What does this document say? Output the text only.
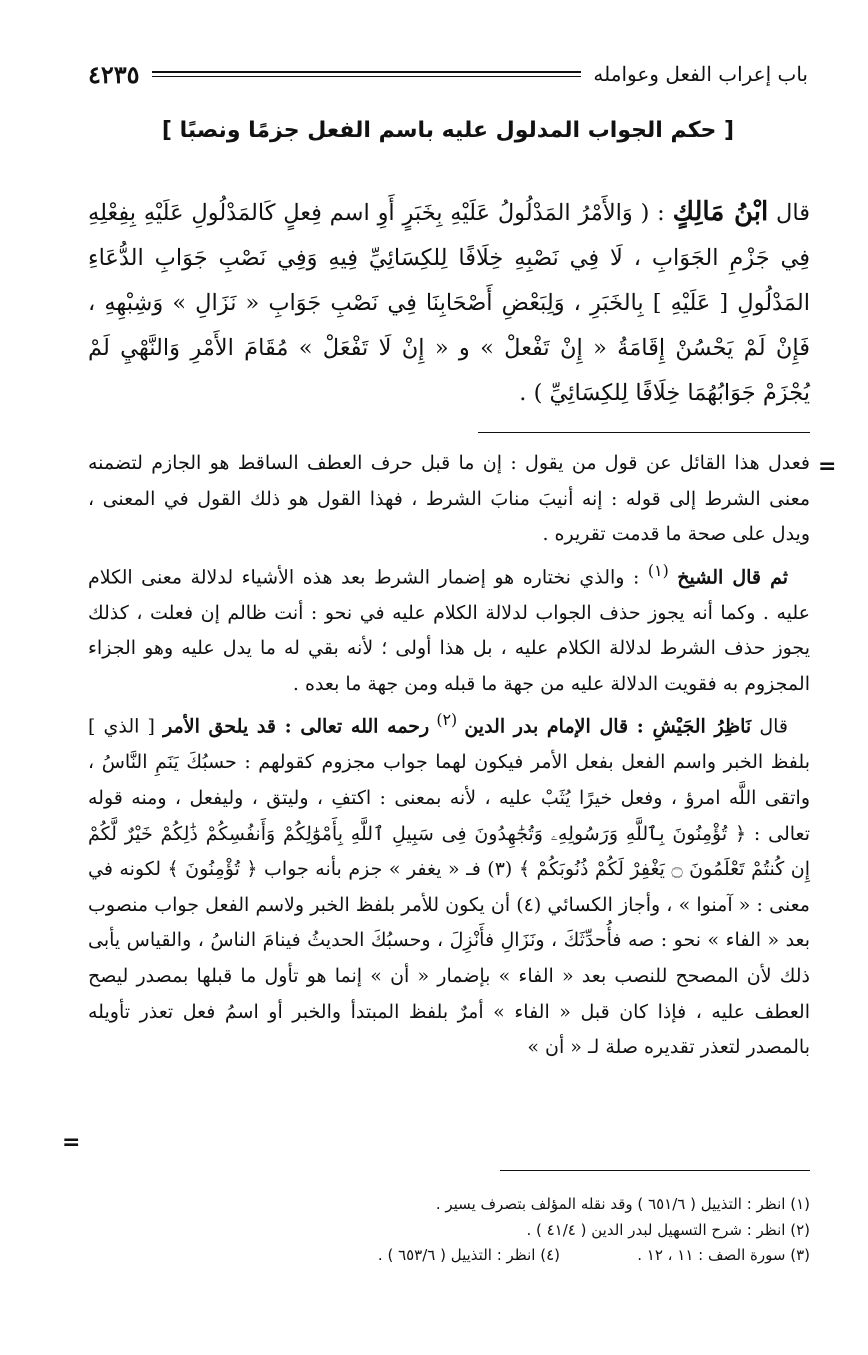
باب إعراب الفعل وعوامله
٤٢٣٥
[ حكم الجواب المدلول عليه باسم الفعل جزمًا ونصبًا ]
قال ابْنُ مَالِكٍ : ( وَالأَمْرُ المَدْلُولُ عَلَيْهِ بِخَبَرٍ أَوِ اسم فِعلٍ كَالمَدْلُولِ عَلَيْهِ بِفِعْلِهِ فِي جَزْمِ الجَوَابِ ، لَا فِي نَصْبِهِ خِلَافًا لِلكِسَائِيِّ فِيهِ وَفِي نَصْبِ جَوَابِ الدُّعَاءِ المَدْلُولِ [ عَلَيْهِ ] بِالخَبَرِ ، وَلِبَعْضِ أَصْحَابِنَا فِي نَصْبِ جَوَابِ « نَزَالِ » وَشِبْهِهِ ، فَإِنْ لَمْ يَحْسُنْ إِقَامَةُ « إِنْ تَفْعلْ » و « إِنْ لَا تَفْعَلْ » مُقَامَ الأَمْرِ وَالنَّهْيِ لَمْ يُجْزَمْ جَوَابُهُمَا خِلَافًا لِلكِسَائِيِّ ) .

فعدل هذا القائل عن قول من يقول : إن ما قبل حرف العطف الساقط هو الجازم لتضمنه معنى الشرط إلى قوله : إنه أنيبَ منابَ الشرط ، فهذا القول هو ذلك القول في المعنى ، ويدل على صحة ما قدمت تقريره .

ثم قال الشيخ $^{(١)}$ : والذي نختاره هو إضمار الشرط بعد هذه الأشياء لدلالة معنى الكلام عليه . وكما أنه يجوز حذف الجواب لدلالة الكلام عليه في نحو : أنت ظالم إن فعلت ، كذلك يجوز حذف الشرط لدلالة الكلام عليه ، بل هذا أولى ؛ لأنه بقي له ما يدل عليه وهو الجزاء المجزوم به فقويت الدلالة عليه من جهة ما قبله ومن جهة ما بعده .

قال نَاظِرُ الجَيْشِ : قال الإمام بدر الدين $^{(٢)}$ رحمه الله تعالى : قد يلحق الأمر [ الذي ] بلفظ الخبر واسم الفعل بفعل الأمر فيكون لهما جواب مجزوم كقولهم : حسبُكَ يَنَمِ النَّاسُ ، واتقى اللَّه امرؤ ، وفعل خيرًا يُثَبْ عليه ، لأنه بمعنى : اكتفِ ، وليتق ، وليفعل ، ومنه قوله تعالى : ﴿ تُؤْمِنُونَ بِٱللَّهِ وَرَسُولِهِۦ وَتُجَٰهِدُونَ فِى سَبِيلِ ٱللَّهِ بِأَمْوَٰلِكُمْ وَأَنفُسِكُمْ ذَٰلِكُمْ خَيْرٌ لَّكُمْ إِن كُنتُمْ تَعْلَمُونَ ۝ يَغْفِرْ لَكُمْ ذُنُوبَكُمْ ﴾ (٣) فـ « يغفر » جزم بأنه جواب ﴿ تُؤْمِنُونَ ﴾ لكونه في معنى : « آمنوا » ، وأجاز الكسائي (٤) أن يكون للأمر بلفظ الخبر ولاسم الفعل جواب منصوب بعد « الفاء » نحو : صه فأُحدِّثَكَ ، ونَزَالِ فأَنْزِلَ ، وحسبُكَ الحديثُ فينامَ الناسُ ، والقياس يأبى ذلك لأن المصحح للنصب بعد « الفاء » بإضمار « أن » إنما هو تأول ما قبلها بمصدر ليصح العطف عليه ، فإذا كان قبل « الفاء » أمرٌ بلفظ المبتدأ والخبر أو اسمُ فعل تعذر تأويله بالمصدر لتعذر تقديره صلة لـ « أن »

=
=
(١) انظر : التذييل ( ٦٥١/٦ ) وقد نقله المؤلف بتصرف يسير .
(٢) انظر : شرح التسهيل لبدر الدين ( ٤١/٤ ) .
(٣) سورة الصف : ١١ ، ١٢ .
(٤) انظر : التذييل ( ٦٥٣/٦ ) .
